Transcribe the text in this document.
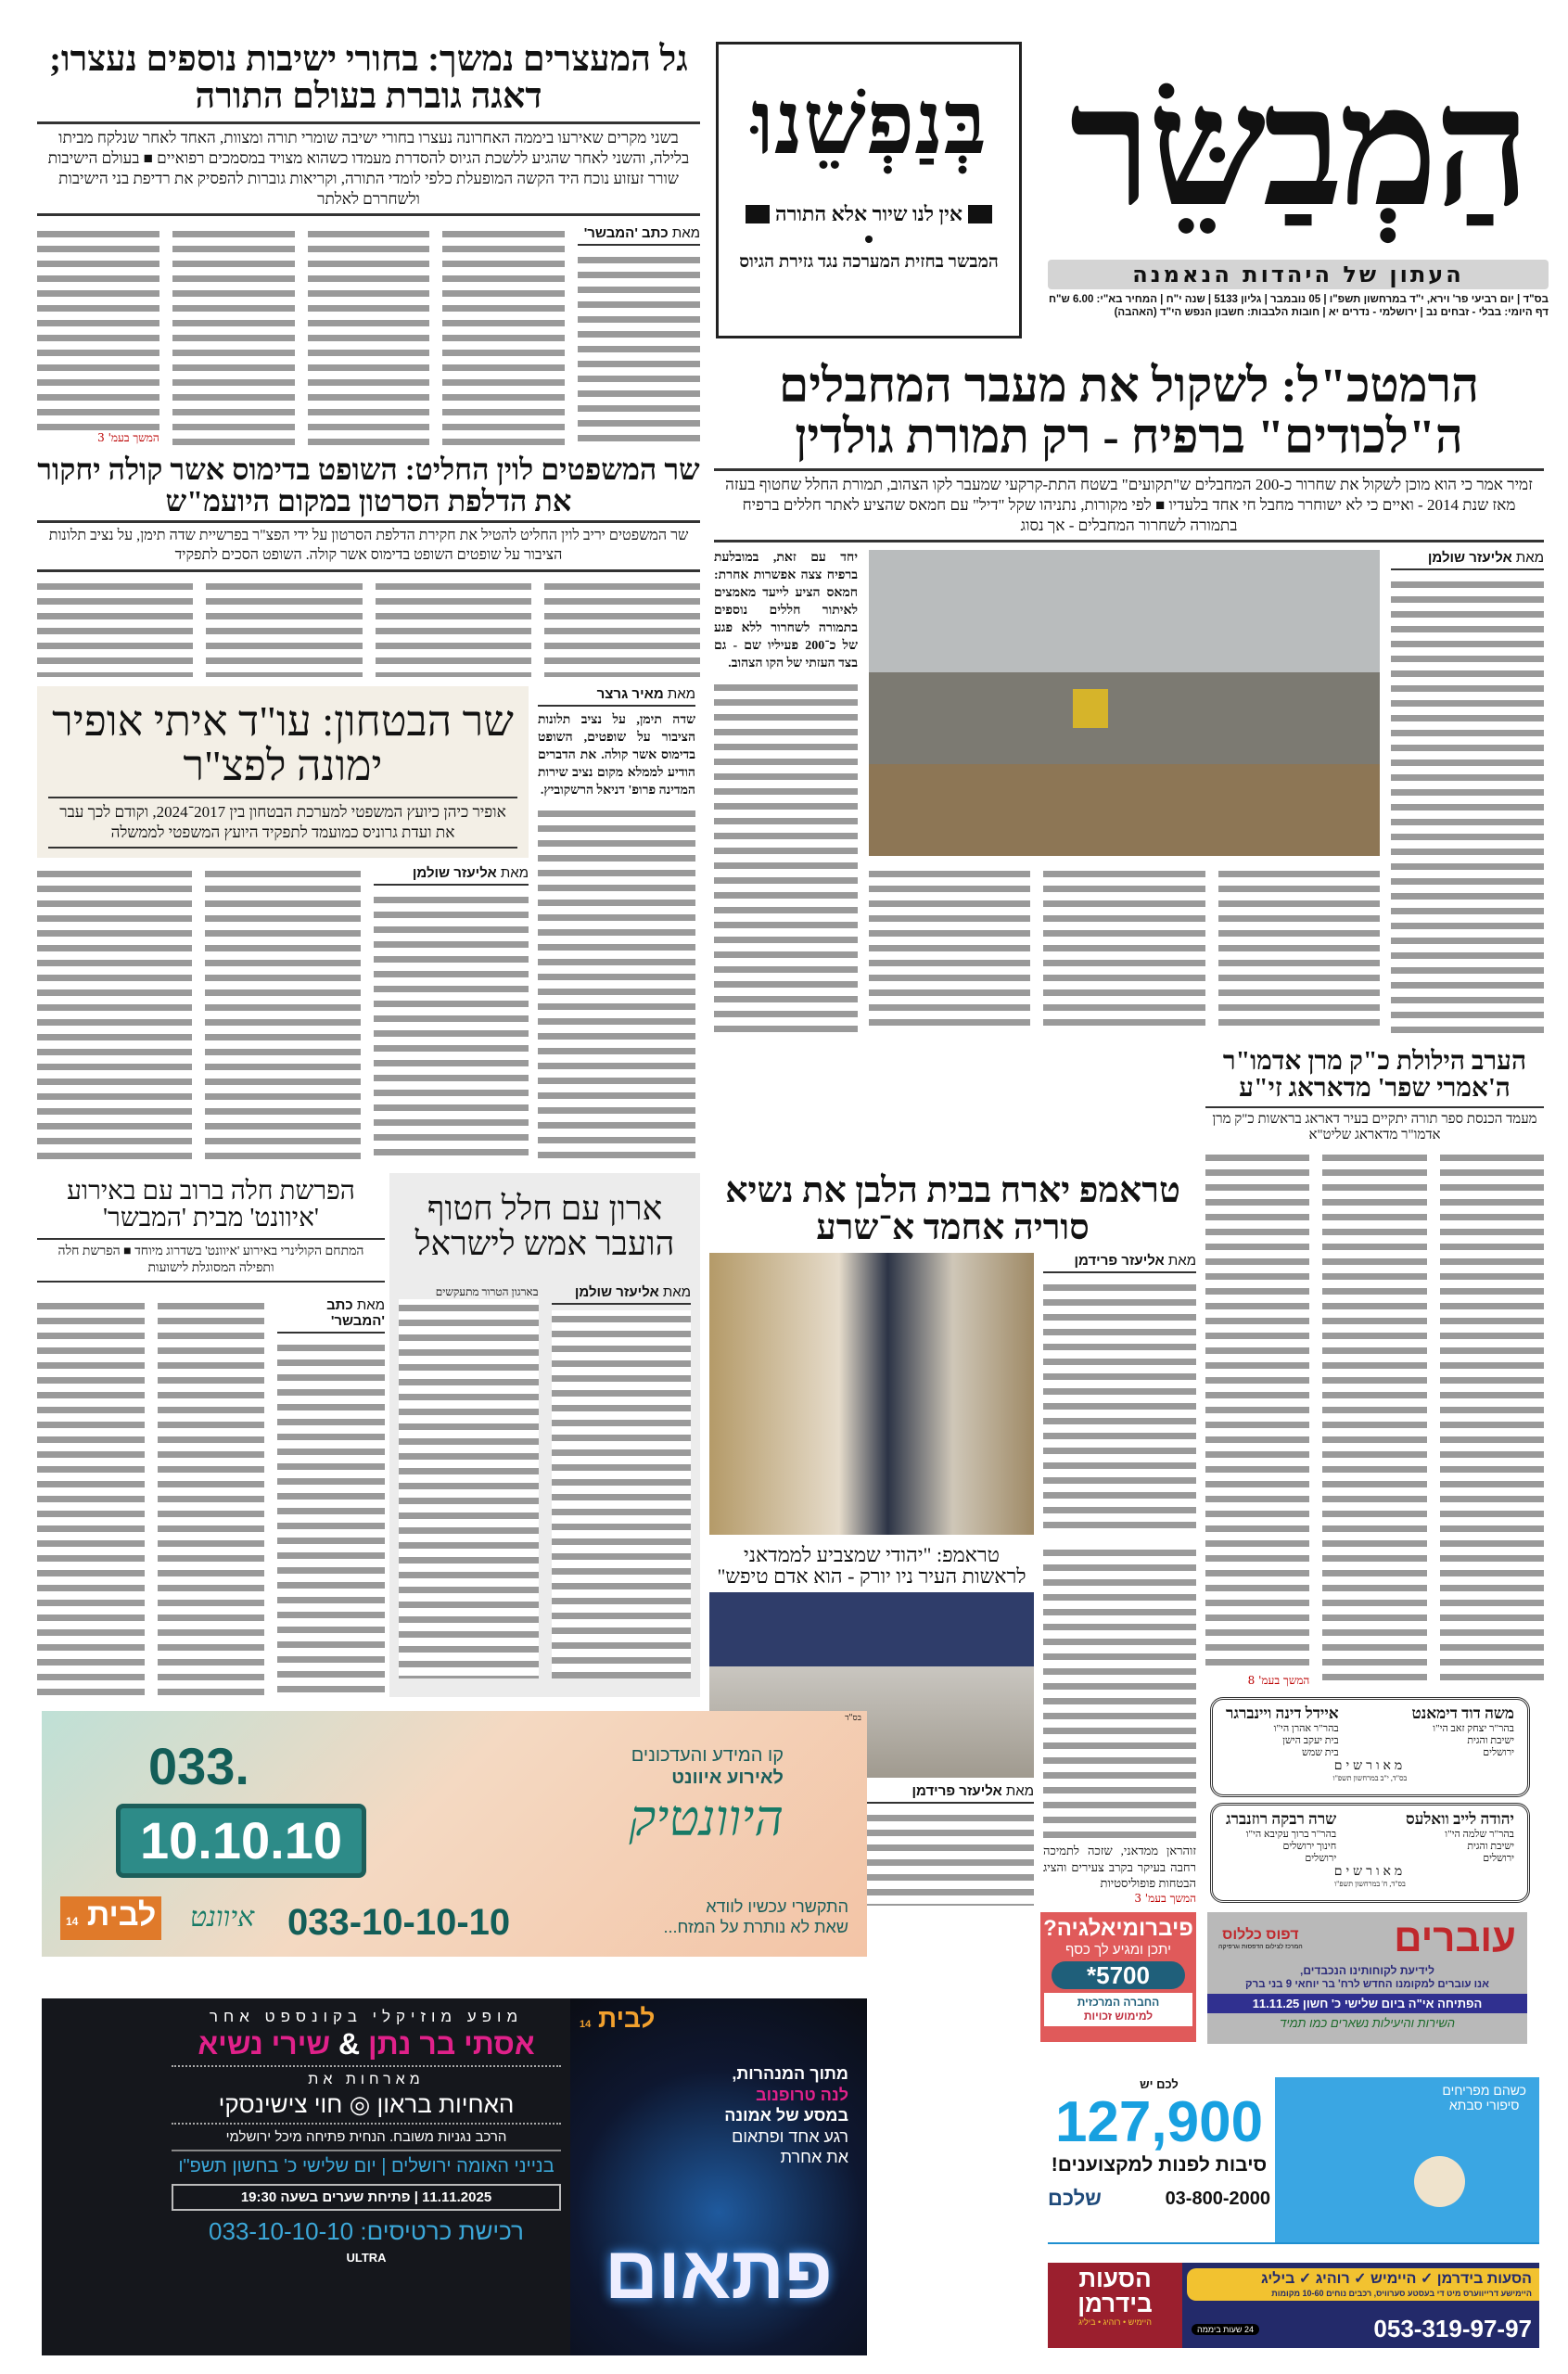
הַמְבַשֵּׂר
העתון של היהדות הנאמנה
בס"ד | יום רביעי פר' וירא, י"ד במרחשון תשפ"ו | 05 נובמבר | גליון 5133 | שנה י"ח | המחיר בא"י: 6.00 ש"ח
דף היומי: בבלי - זבחים נב | ירושלמי - נדרים יא | חובות הלבבות: חשבון הנפש הי"ד (האהבה)
בְּנַפְשֵׁנוּ
אין לנו שיור אלא התורה
המבשר בחזית המערכה נגד גזירת הגיוס
גל המעצרים נמשך: בחורי ישיבות נוספים נעצרו; דאגה גוברת בעולם התורה
בשני מקרים שאירעו ביממה האחרונה נעצרו בחורי ישיבה שומרי תורה ומצוות, האחד לאחר שנלקח מביתו בלילה, והשני לאחר שהגיע ללשכת הגיוס להסדרת מעמדו כשהוא מצויד במסמכים רפואיים ■ בעולם הישיבות שורר זעזוע נוכח היד הקשה המופעלת כלפי לומדי התורה, וקריאות גוברות להפסיק את רדיפת בני הישיבות ולשחררם לאלתר
מאת כתב 'המבשר'
המשך בעמ' 3
הרמטכ"ל: לשקול את מעבר המחבלים ה"לכודים" ברפיח - רק תמורת גולדין
זמיר אמר כי הוא מוכן לשקול את שחרור כ-200 המחבלים ש"תקועים" בשטח התת-קרקעי שמעבר לקו הצהוב, תמורת החלל שחטוף בעזה מאז שנת 2014 - ואיים כי לא ישוחרר מחבל חי אחד בלעדיו ■ לפי מקורות, נתניהו שקל "דיל" עם חמאס שהציע לאתר חללים ברפיח בתמורה לשחרור המחבלים - אך נסוג
מאת אליעזר שולמן
יחד עם זאת, במובלעת ברפיח צצה אפשרות אחרת: חמאס הציע לייעד מאמצים לאיתור חללים נוספים בתמורה לשחרור ללא פגע של כ־200 פעיליו שם - גם בצד העזתי של הקו הצהוב.
שר המשפטים לוין החליט: השופט בדימוס אשר קולה יחקור את הדלפת הסרטון במקום היועמ"ש
שר המשפטים יריב לוין החליט להטיל את חקירת הדלפת הסרטון על ידי הפצ"ר בפרשיית שדה תימן, על נציב תלונות הציבור על שופטים השופט בדימוס אשר קולה. השופט הסכים לתפקיד
מאת מאיר גרצר
שדה תימן, על נציב תלונות הציבור על שופטים, השופט בדימוס אשר קולה. את הדברים הודיע לממלא מקום נציב שירות המדינה פרופ' דניאל הרשקוביץ.
שר הבטחון: עו"ד איתי אופיר ימונה לפצ"ר
אופיר כיהן כיועץ המשפטי למערכת הבטחון בין 2017־2024, וקודם לכך עבר את ועדת גרוניס כמועמד לתפקיד היועץ המשפטי לממשלה
מאת אליעזר שולמן
הערב הילולת כ"ק מרן אדמו"ר ה'אמרי שפר' מדאראג זי"ע
מעמד הכנסת ספר תורה יתקיים בעיר דאראג בראשות כ"ק מרן אדמו"ר מדאראג שליט"א
המשך בעמ' 8
משה דוד דימאנט
בהר"ר יצחק זאב הי"ו
ישיבת והגית
ירושלים
איידל דינה ויינברגר
בהר"ר אהרן הי"ו
בית יעקב הישן
בית שמש
מאורשים
בס"ד, י"ב במרחשון תשפ"ו
יהודה לייב וואלעס
בהר"ר שלמה הי"ו
ישיבת והגית
ירושלים
שרה רבקה רוזנברג
בהר"ר ברוך עקיבא הי"ו
חינוך ירושלים
ירושלים
מאורשים
בס"ד, ח' במרחשון תשפ"ו
טראמפ יארח בבית הלבן את נשיא סוריה אחמד א־שרע
מאת אליעזר פרידמן
זוהראן ממדאני, שזכה לתמיכה רחבה בעיקר בקרב צעירים והציג הבטחות פופוליסטיות
המשך בעמ' 3
טראמפ: "יהודי שמצביע לממדאני לראשות העיר ניו יורק - הוא אדם טיפש"
מאת אליעזר פרידמן
הפרשת חלה ברוב עם באירוע 'איוונט' מבית 'המבשר'
המתחם הקולינרי באירוע 'איוונט' בשדרוג מיוחד ■ הפרשת חלה ותפילה המסוגלת לישועות
מאת כתב 'המבשר'
ארון עם חלל חטוף הועבר אמש לישראל
מאת אליעזר שולמן
בארגון הטרור מתעקשים
בס"ד
033.
10.10.10
קו המידע והעדכונים
לאירוע איוונט
היוונטיק
התקשרי עכשיו לוודא
שאת לא נותרת על המזח...
033-10-10-10
לבית 14	איוונט
מופע מוזיקלי בקונספט אחר
אסתי בר נתן & שירי נשיא
מארחות את
האחיות בראון ◎ חוי צישינסקי
הרכב נגניות משובח. הנחית פתיחה מיכל ירושלמי
בנייני האומה ירושלים | יום שלישי כ' בחשון תשפ"ו
11.11.2025 | פתיחת שערים בשעה 19:30
רכישת כרטיסים: 033-10-10-10
ULTRA
לבית 14
מתוך המנהרות,
לנה טרופנוב
במסע של אמונה
רגע אחד ופתאום את אחרת
פתאום
פיברומיאלגיה?
יתכן ומגיע לך כסף
*5700
החברה המרכזית
למימוש זכויות
עוברים
דפוס כללוס
המרכז לצילום הדפסות וגרפיקה
לידיעת לקוחותינו הנכבדים,
אנו עוברים למקומנו החדש לרח' בר יוחאי 9 בני ברק
הפתיחה אי"ה ביום שלישי כ' חשון 11.11.25
השירות והיעילות נשארים כמו תמיד
לכם יש
127,900
סיבות לפנות למקצוענים!
03-800-2000
שלכם
כשהם מפריחים
סיפורי סבתא
הסעות בידרמן
היימיש • רוהיג • ביליג
הסעות בידרמן ✓ היימיש ✓ רוהיג ✓ ביליג
היימישע דרייווערס מיט די בעסטע סערוויס, רכבים נוחים 10-60 מקומות
053-319-97-97
24 שעות ביממה
